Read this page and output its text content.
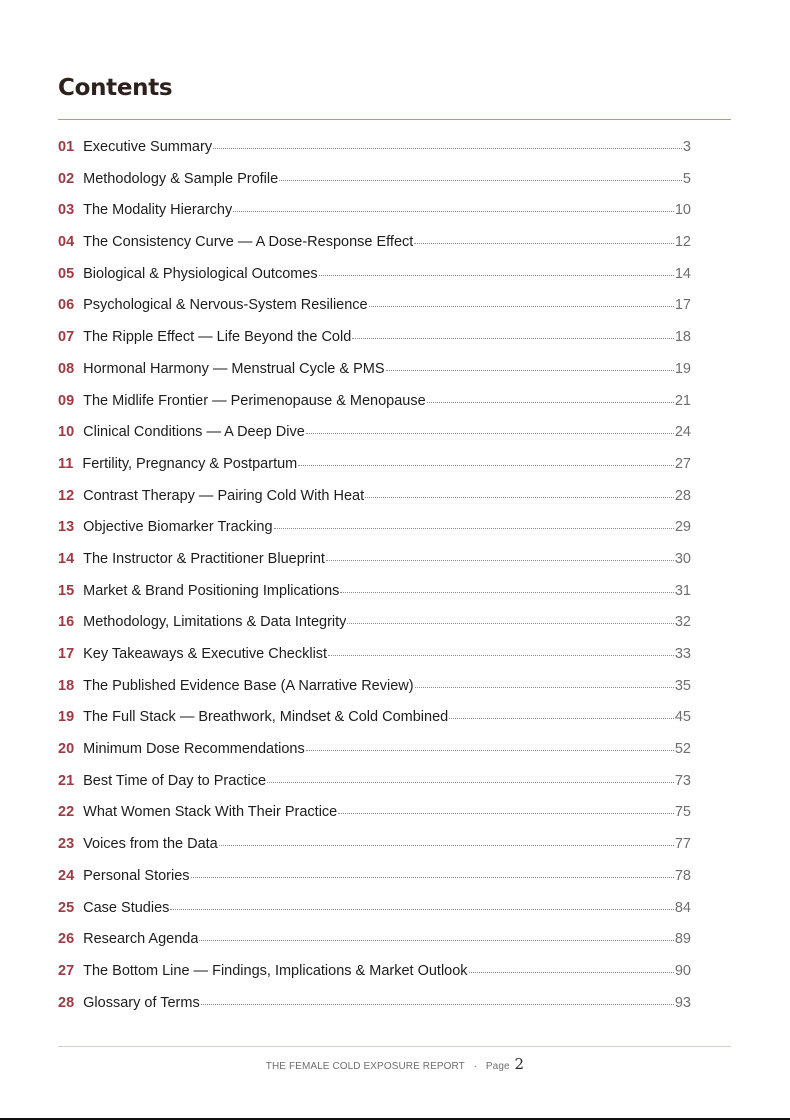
Contents
01 Executive Summary	3
02 Methodology & Sample Profile	5
03 The Modality Hierarchy	10
04 The Consistency Curve — A Dose-Response Effect	12
05 Biological & Physiological Outcomes	14
06 Psychological & Nervous-System Resilience	17
07 The Ripple Effect — Life Beyond the Cold	18
08 Hormonal Harmony — Menstrual Cycle & PMS	19
09 The Midlife Frontier — Perimenopause & Menopause	21
10 Clinical Conditions — A Deep Dive	24
11 Fertility, Pregnancy & Postpartum	27
12 Contrast Therapy — Pairing Cold With Heat	28
13 Objective Biomarker Tracking	29
14 The Instructor & Practitioner Blueprint	30
15 Market & Brand Positioning Implications	31
16 Methodology, Limitations & Data Integrity	32
17 Key Takeaways & Executive Checklist	33
18 The Published Evidence Base (A Narrative Review)	35
19 The Full Stack — Breathwork, Mindset & Cold Combined	45
20 Minimum Dose Recommendations	52
21 Best Time of Day to Practice	73
22 What Women Stack With Their Practice	75
23 Voices from the Data	77
24 Personal Stories	78
25 Case Studies	84
26 Research Agenda	89
27 The Bottom Line — Findings, Implications & Market Outlook	90
28 Glossary of Terms	93
THE FEMALE COLD EXPOSURE REPORT · Page 2
